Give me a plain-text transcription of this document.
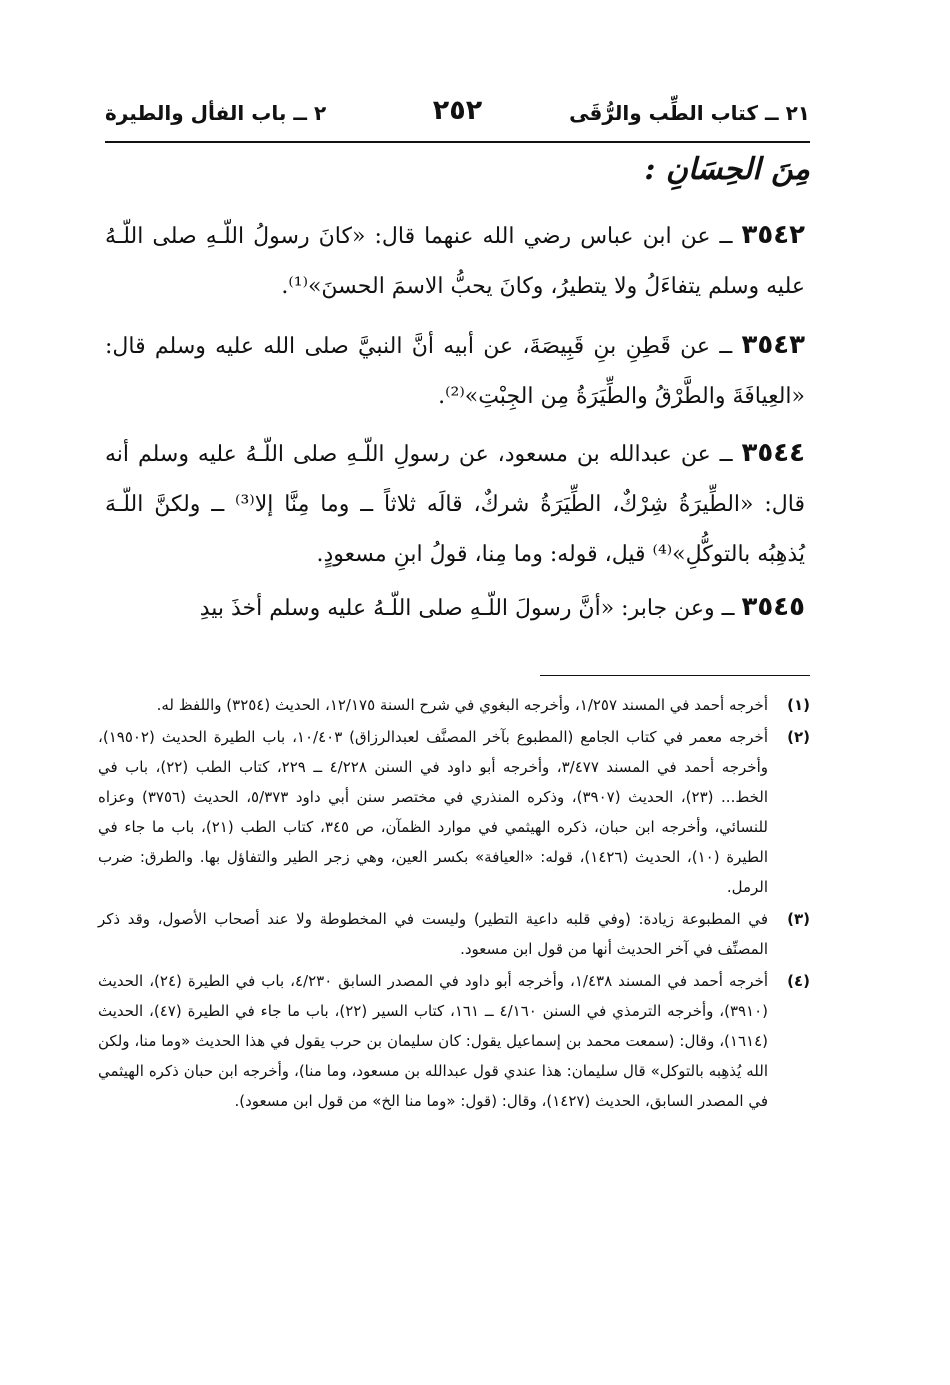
٢١ ــ كتاب الطِّب والرُّقَى
٢٥٢
٢ ــ باب الفأل والطيرة
مِنَ الحِسَانِ :
٣٥٤٢ ــ عن ابن عباس رضي الله عنهما قال: «كانَ رسولُ اللّـهِ صلى اللّـهُ عليه وسلم يتفاءَلُ ولا يتطيرُ، وكانَ يحبُّ الاسمَ الحسنَ»⁽¹⁾.
٣٥٤٣ ــ عن قَطِنِ بنِ قَبِيصَةَ، عن أبيه أنَّ النبيَّ صلى الله عليه وسلم قال: «العِيافَةَ والطَّرْقُ والطِّيَرَةُ مِن الجِبْتِ»⁽²⁾.
٣٥٤٤ ــ عن عبدالله بن مسعود، عن رسولِ اللّـهِ صلى اللّـهُ عليه وسلم أنه قال: «الطِّيرَةُ شِرْكٌ، الطِّيَرَةُ شركٌ، قالَه ثلاثاً ــ وما مِنَّا إلا⁽³⁾ ــ ولكنَّ اللّـهَ يُذهِبُه بالتوكُّلِ»⁽⁴⁾ قيل، قوله: وما مِنا، قولُ ابنِ مسعودٍ.
٣٥٤٥ ــ وعن جابر: «أنَّ رسولَ اللّـهِ صلى اللّـهُ عليه وسلم أخذَ بيدِ
(١)
أخرجه أحمد في المسند ١/٢٥٧، وأخرجه البغوي في شرح السنة ١٢/١٧٥، الحديث (٣٢٥٤) واللفظ له.
(٢)
أخرجه معمر في كتاب الجامع (المطبوع بآخر المصنَّف لعبدالرزاق) ١٠/٤٠٣، باب الطيرة الحديث (١٩٥٠٢)، وأخرجه أحمد في المسند ٣/٤٧٧، وأخرجه أبو داود في السنن ٤/٢٢٨ ــ ٢٢٩، كتاب الطب (٢٢)، باب في الخط... (٢٣)، الحديث (٣٩٠٧)، وذكره المنذري في مختصر سنن أبي داود ٥/٣٧٣، الحديث (٣٧٥٦) وعزاه للنسائي، وأخرجه ابن حبان، ذكره الهيثمي في موارد الظمآن، ص ٣٤٥، كتاب الطب (٢١)، باب ما جاء في الطيرة (١٠)، الحديث (١٤٢٦)، قوله: «العيافة» بكسر العين، وهي زجر الطير والتفاؤل بها. والطرق: ضرب الرمل.
(٣)
في المطبوعة زيادة: (وفي قلبه داعية التطير) وليست في المخطوطة ولا عند أصحاب الأصول، وقد ذكر المصنِّف في آخر الحديث أنها من قول ابن مسعود.
(٤)
أخرجه أحمد في المسند ١/٤٣٨، وأخرجه أبو داود في المصدر السابق ٤/٢٣٠، باب في الطيرة (٢٤)، الحديث (٣٩١٠)، وأخرجه الترمذي في السنن ٤/١٦٠ ــ ١٦١، كتاب السير (٢٢)، باب ما جاء في الطيرة (٤٧)، الحديث (١٦١٤)، وقال: (سمعت محمد بن إسماعيل يقول: كان سليمان بن حرب يقول في هذا الحديث «وما منا، ولكن الله يُذهِبه بالتوكل» قال سليمان: هذا عندي قول عبدالله بن مسعود، وما منا)، وأخرجه ابن حبان ذكره الهيثمي في المصدر السابق، الحديث (١٤٢٧)، وقال: (قول: «وما منا الخ» من قول ابن مسعود).
